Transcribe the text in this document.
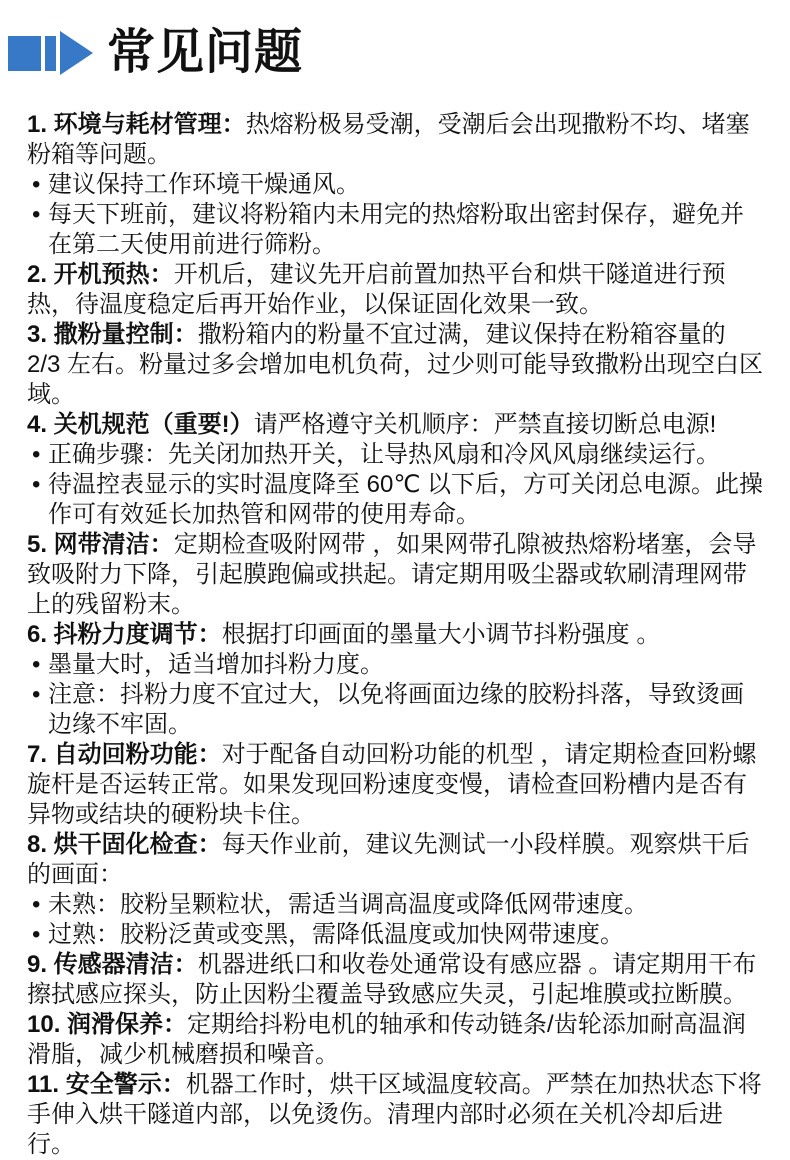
常见问题

1. 环境与耗材管理：热熔粉极易受潮，受潮后会出现撒粉不均、堵塞粉箱等问题。

• 建议保持工作环境干燥通风。
• 每天下班前，建议将粉箱内未用完的热熔粉取出密封保存，避免并在第二天使用前进行筛粉。

2. 开机预热：开机后，建议先开启前置加热平台和烘干隧道进行预热，待温度稳定后再开始作业，以保证固化效果一致。

3. 撒粉量控制：撒粉箱内的粉量不宜过满，建议保持在粉箱容量的 2/3 左右。粉量过多会增加电机负荷，过少则可能导致撒粉出现空白区域。

4. 关机规范（重要!）请严格遵守关机顺序：严禁直接切断总电源!

• 正确步骤：先关闭加热开关，让导热风扇和冷风风扇继续运行。
• 待温控表显示的实时温度降至 60℃ 以下后，方可关闭总电源。此操作可有效延长加热管和网带的使用寿命。

5. 网带清洁：定期检查吸附网带 ，如果网带孔隙被热熔粉堵塞，会导致吸附力下降，引起膜跑偏或拱起。请定期用吸尘器或软刷清理网带上的残留粉末。

6. 抖粉力度调节：根据打印画面的墨量大小调节抖粉强度 。

• 墨量大时，适当增加抖粉力度。
• 注意：抖粉力度不宜过大，以免将画面边缘的胶粉抖落，导致烫画边缘不牢固。

7. 自动回粉功能：对于配备自动回粉功能的机型 ，请定期检查回粉螺旋杆是否运转正常。如果发现回粉速度变慢，请检查回粉槽内是否有异物或结块的硬粉块卡住。

8. 烘干固化检查：每天作业前，建议先测试一小段样膜。观察烘干后的画面：

• 未熟：胶粉呈颗粒状，需适当调高温度或降低网带速度。
• 过熟：胶粉泛黄或变黑，需降低温度或加快网带速度。

9. 传感器清洁：机器进纸口和收卷处通常设有感应器 。请定期用干布擦拭感应探头，防止因粉尘覆盖导致感应失灵，引起堆膜或拉断膜。

10. 润滑保养：定期给抖粉电机的轴承和传动链条/齿轮添加耐高温润滑脂，减少机械磨损和噪音。

11. 安全警示：机器工作时，烘干区域温度较高。严禁在加热状态下将手伸入烘干隧道内部，以免烫伤。清理内部时必须在关机冷却后进行。
